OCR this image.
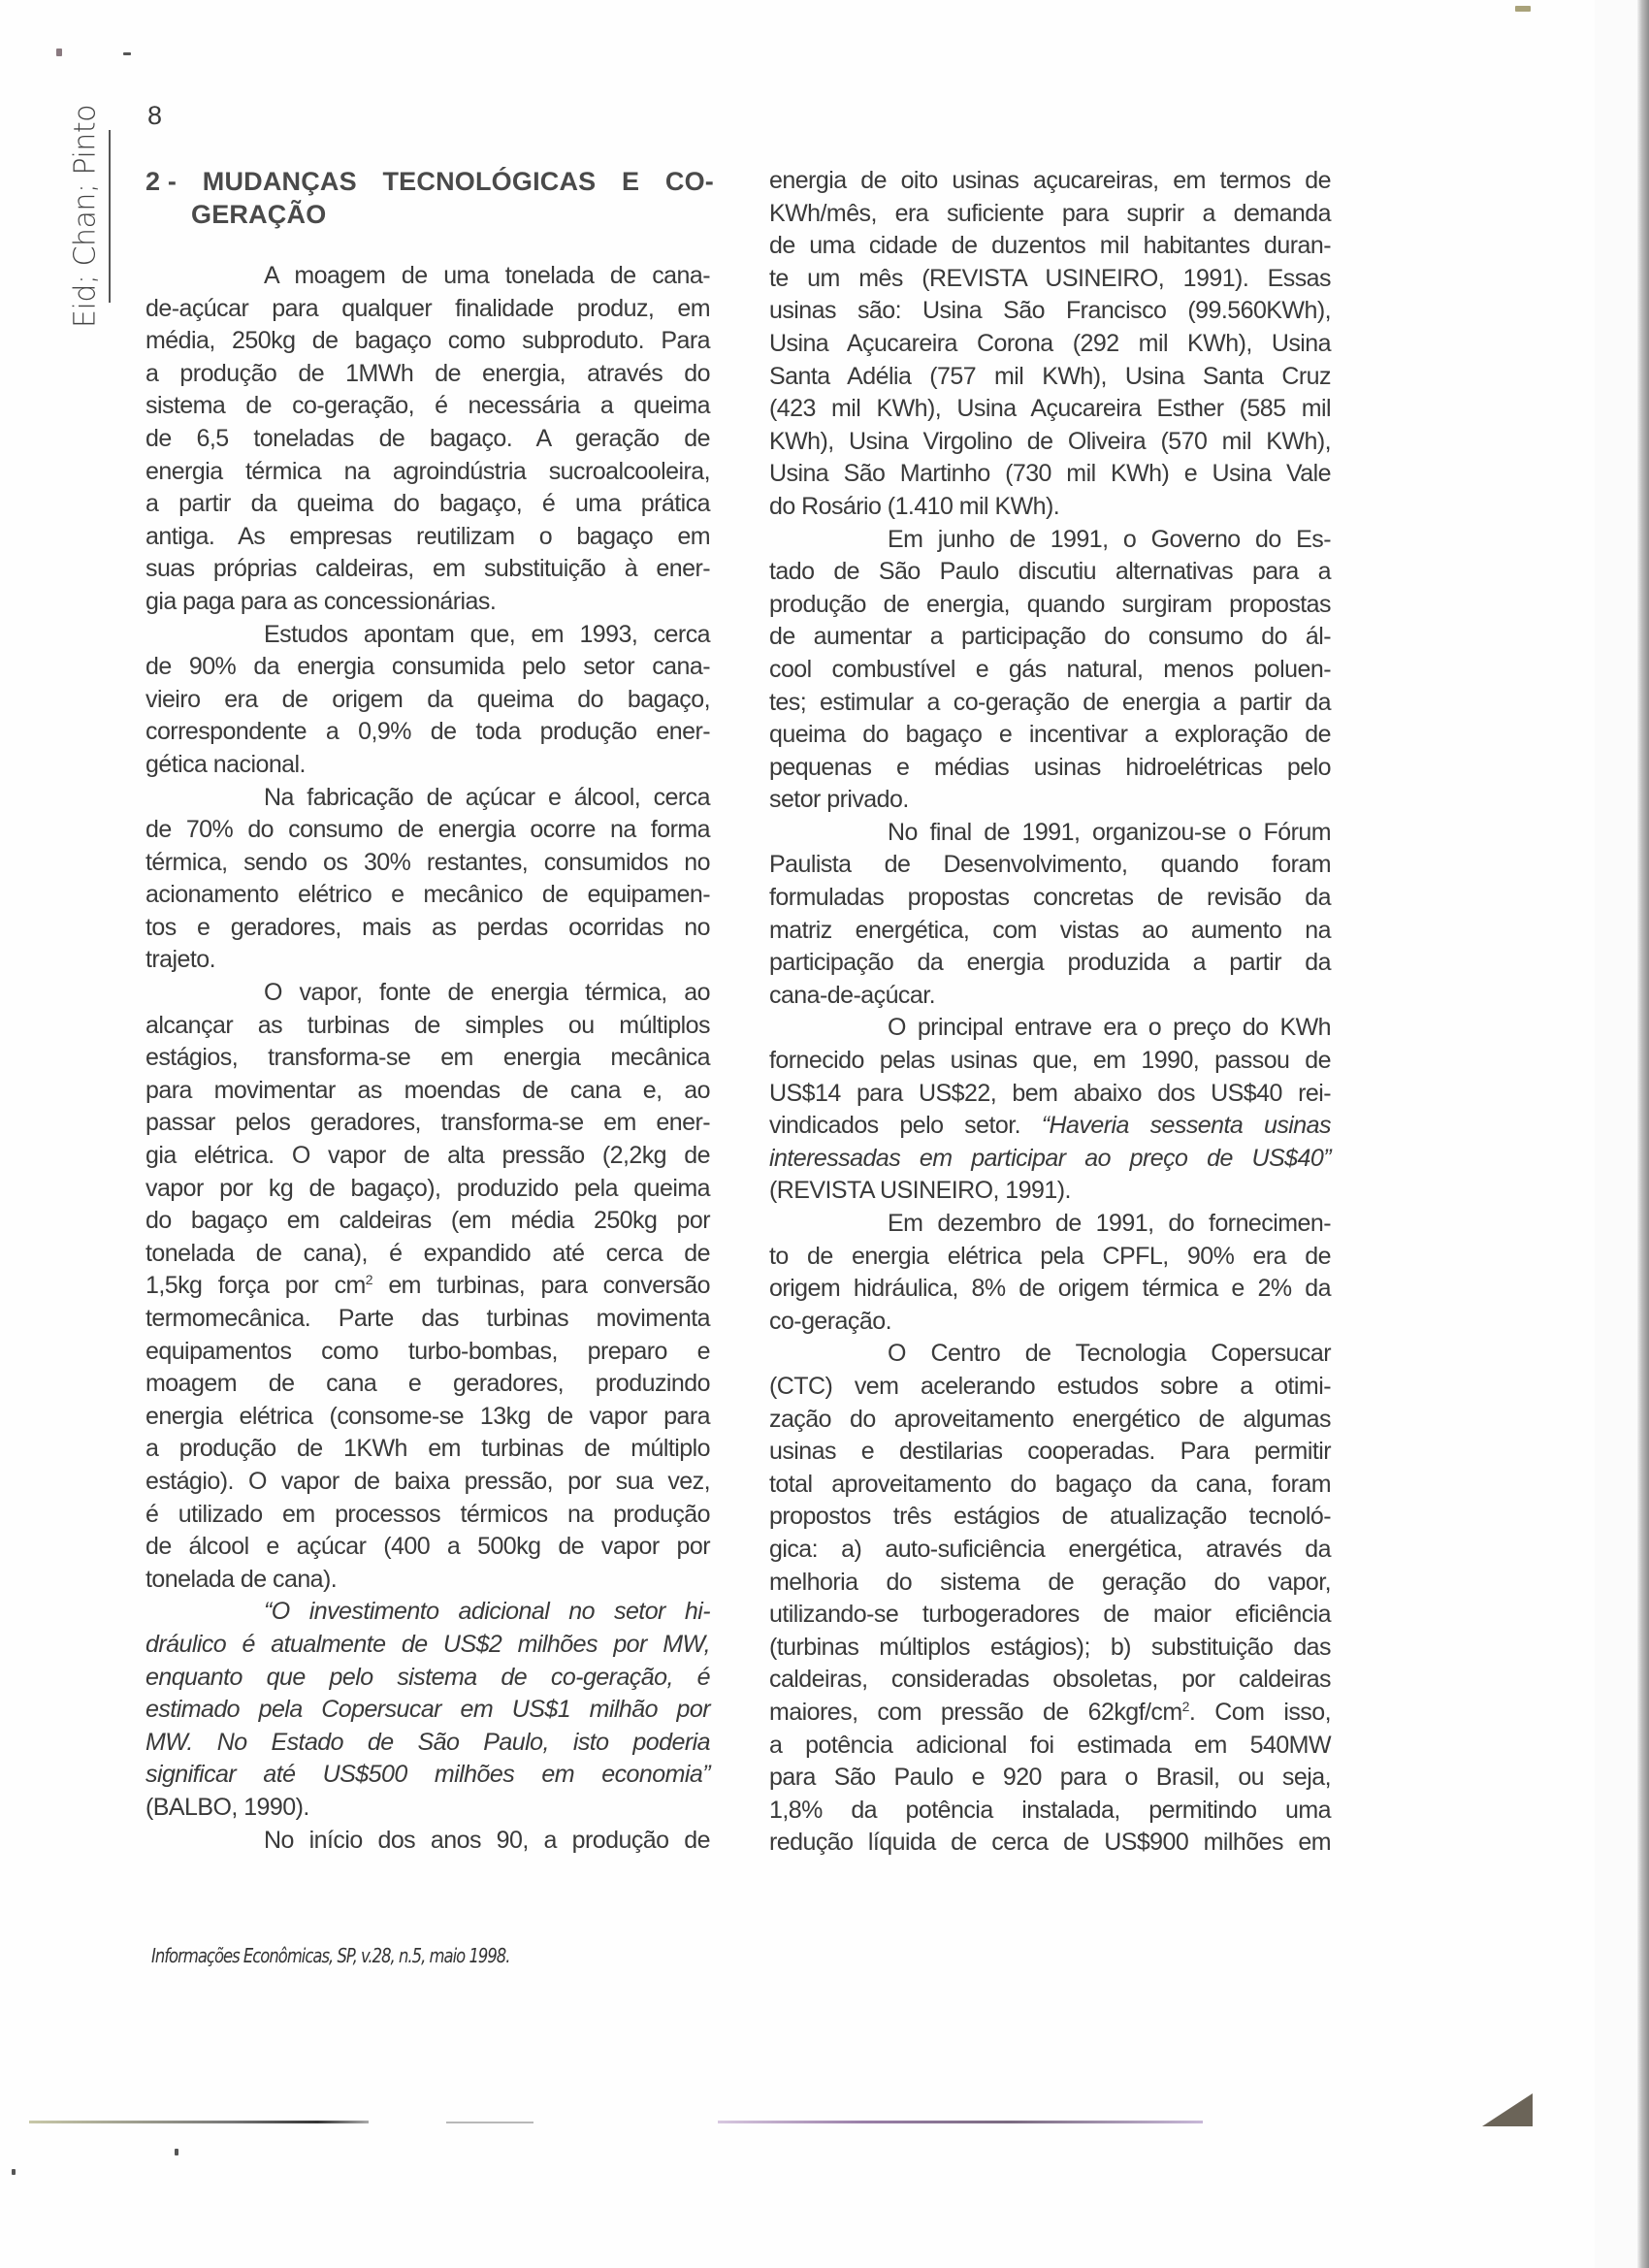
8
Eid; Chan; Pinto 2 - MUDANÇAS TECNOLÓGICAS E CO-
GERAÇÃO
A moagem de uma tonelada de cana-
de-açúcar para qualquer finalidade produz, em
média, 250kg de bagaço como subproduto. Para
a produção de 1MWh de energia, através do
sistema de co-geração, é necessária a queima
de 6,5 toneladas de bagaço. A geração de
energia térmica na agroindústria sucroalcooleira,
a partir da queima do bagaço, é uma prática
antiga. As empresas reutilizam o bagaço em
suas próprias caldeiras, em substituição à ener-
gia paga para as concessionárias.
Estudos apontam que, em 1993, cerca
de 90% da energia consumida pelo setor cana-
vieiro era de origem da queima do bagaço,
correspondente a 0,9% de toda produção ener-
gética nacional.
Na fabricação de açúcar e álcool, cerca
de 70% do consumo de energia ocorre na forma
térmica, sendo os 30% restantes, consumidos no
acionamento elétrico e mecânico de equipamen-
tos e geradores, mais as perdas ocorridas no
trajeto.
O vapor, fonte de energia térmica, ao
alcançar as turbinas de simples ou múltiplos
estágios, transforma-se em energia mecânica
para movimentar as moendas de cana e, ao
passar pelos geradores, transforma-se em ener-
gia elétrica. O vapor de alta pressão (2,2kg de
vapor por kg de bagaço), produzido pela queima
do bagaço em caldeiras (em média 250kg por
tonelada de cana), é expandido até cerca de
1,5kg força por $cm^2$ em turbinas, para conversão
termomecânica. Parte das turbinas movimenta
equipamentos como turbo-bombas, preparo e
moagem de cana e geradores, produzindo
energia elétrica (consome-se 13kg de vapor para
a produção de 1KWh em turbinas de múltiplo
estágio). O vapor de baixa pressão, por sua vez,
é utilizado em processos térmicos na produção
de álcool e açúcar (400 a 500kg de vapor por
tonelada de cana).
“O investimento adicional no setor hi-
dráulico é atualmente de US$2 milhões por MW,
enquanto que pelo sistema de co-geração, é
estimado pela Copersucar em US$1 milhão por
MW. No Estado de São Paulo, isto poderia
significar até US$500 milhões em economia”
(BALBO, 1990).
No início dos anos 90, a produção de
energia de oito usinas açucareiras, em termos de
KWh/mês, era suficiente para suprir a demanda
de uma cidade de duzentos mil habitantes duran-
te um mês (REVISTA USINEIRO, 1991). Essas
usinas são: Usina São Francisco (99.560KWh),
Usina Açucareira Corona (292 mil KWh), Usina
Santa Adélia (757 mil KWh), Usina Santa Cruz
(423 mil KWh), Usina Açucareira Esther (585 mil
KWh), Usina Virgolino de Oliveira (570 mil KWh),
Usina São Martinho (730 mil KWh) e Usina Vale
do Rosário (1.410 mil KWh).
Em junho de 1991, o Governo do Es-
tado de São Paulo discutiu alternativas para a
produção de energia, quando surgiram propostas
de aumentar a participação do consumo do ál-
cool combustível e gás natural, menos poluen-
tes; estimular a co-geração de energia a partir da
queima do bagaço e incentivar a exploração de
pequenas e médias usinas hidroelétricas pelo
setor privado.
No final de 1991, organizou-se o Fórum
Paulista de Desenvolvimento, quando foram
formuladas propostas concretas de revisão da
matriz energética, com vistas ao aumento na
participação da energia produzida a partir da
cana-de-açúcar.
O principal entrave era o preço do KWh
fornecido pelas usinas que, em 1990, passou de
US$14 para US$22, bem abaixo dos US$40 rei-
vindicados pelo setor. “Haveria sessenta usinas
interessadas em participar ao preço de US$40”
(REVISTA USINEIRO, 1991).
Em dezembro de 1991, do fornecimen-
to de energia elétrica pela CPFL, 90% era de
origem hidráulica, 8% de origem térmica e 2% da
co-geração.
O Centro de Tecnologia Copersucar
(CTC) vem acelerando estudos sobre a otimi-
zação do aproveitamento energético de algumas
usinas e destilarias cooperadas. Para permitir
total aproveitamento do bagaço da cana, foram
propostos três estágios de atualização tecnoló-
gica: a) auto-suficiência energética, através da
melhoria do sistema de geração do vapor,
utilizando-se turbogeradores de maior eficiência
(turbinas múltiplos estágios); b) substituição das
caldeiras, consideradas obsoletas, por caldeiras
maiores, com pressão de $62kgf/cm^2$. Com isso,
a potência adicional foi estimada em 540MW
para São Paulo e 920 para o Brasil, ou seja,
1,8% da potência instalada, permitindo uma
redução líquida de cerca de US$900 milhões em
Informações Econômicas, SP, v.28, n.5, maio 1998.
